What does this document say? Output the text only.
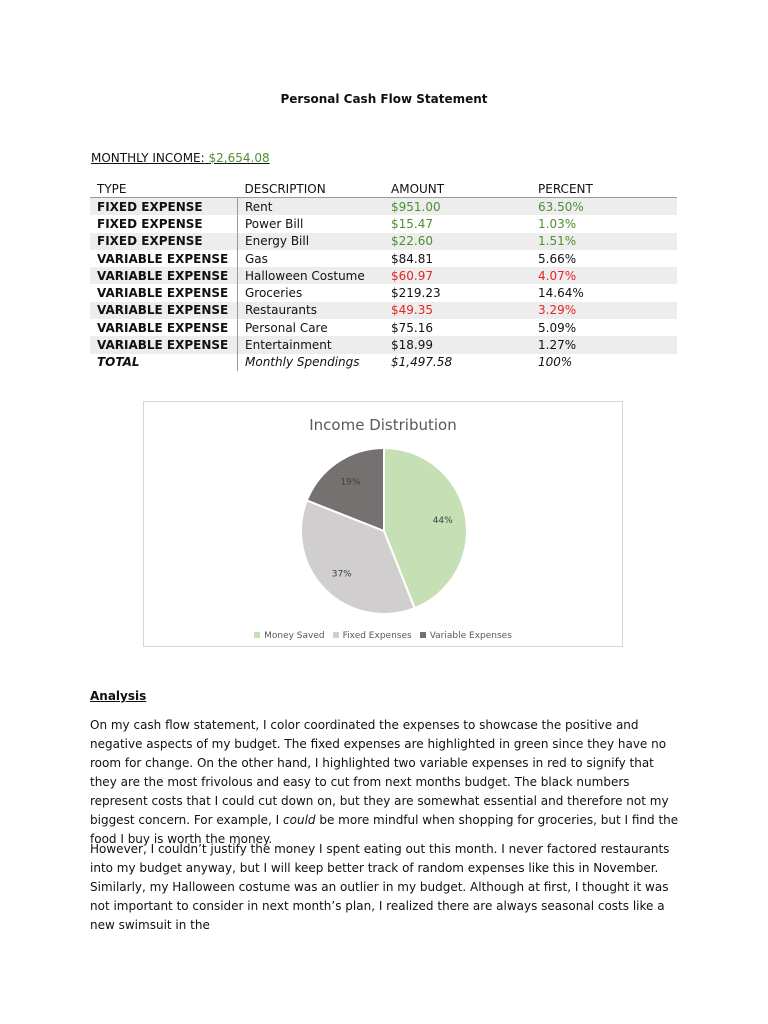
Personal Cash Flow Statement
MONTHLY INCOME: $2,654.08
TYPE	DESCRIPTION	AMOUNT	PERCENT
FIXED EXPENSE	Rent	$951.00	63.50%
FIXED EXPENSE	Power Bill	$15.47	1.03%
FIXED EXPENSE	Energy Bill	$22.60	1.51%
VARIABLE EXPENSE	Gas	$84.81	5.66%
VARIABLE EXPENSE	Halloween Costume	$60.97	4.07%
VARIABLE EXPENSE	Groceries	$219.23	14.64%
VARIABLE EXPENSE	Restaurants	$49.35	3.29%
VARIABLE EXPENSE	Personal Care	$75.16	5.09%
VARIABLE EXPENSE	Entertainment	$18.99	1.27%
TOTAL	Monthly Spendings	$1,497.58	100%
44%
37%
19%
Income Distribution
Money Saved Fixed Expenses Variable Expenses
Analysis

On my cash flow statement, I color coordinated the expenses to showcase the positive and negative aspects of my budget. The fixed expenses are highlighted in green since they have no room for change. On the other hand, I highlighted two variable expenses in red to signify that they are the most frivolous and easy to cut from next months budget. The black numbers represent costs that I could cut down on, but they are somewhat essential and therefore not my biggest concern. For example, I could be more mindful when shopping for groceries, but I find the food I buy is worth the money.

However, I couldn’t justify the money I spent eating out this month. I never factored restaurants into my budget anyway, but I will keep better track of random expenses like this in November. Similarly, my Halloween costume was an outlier in my budget. Although at first, I thought it was not important to consider in next month’s plan, I realized there are always seasonal costs like a new swimsuit in the
